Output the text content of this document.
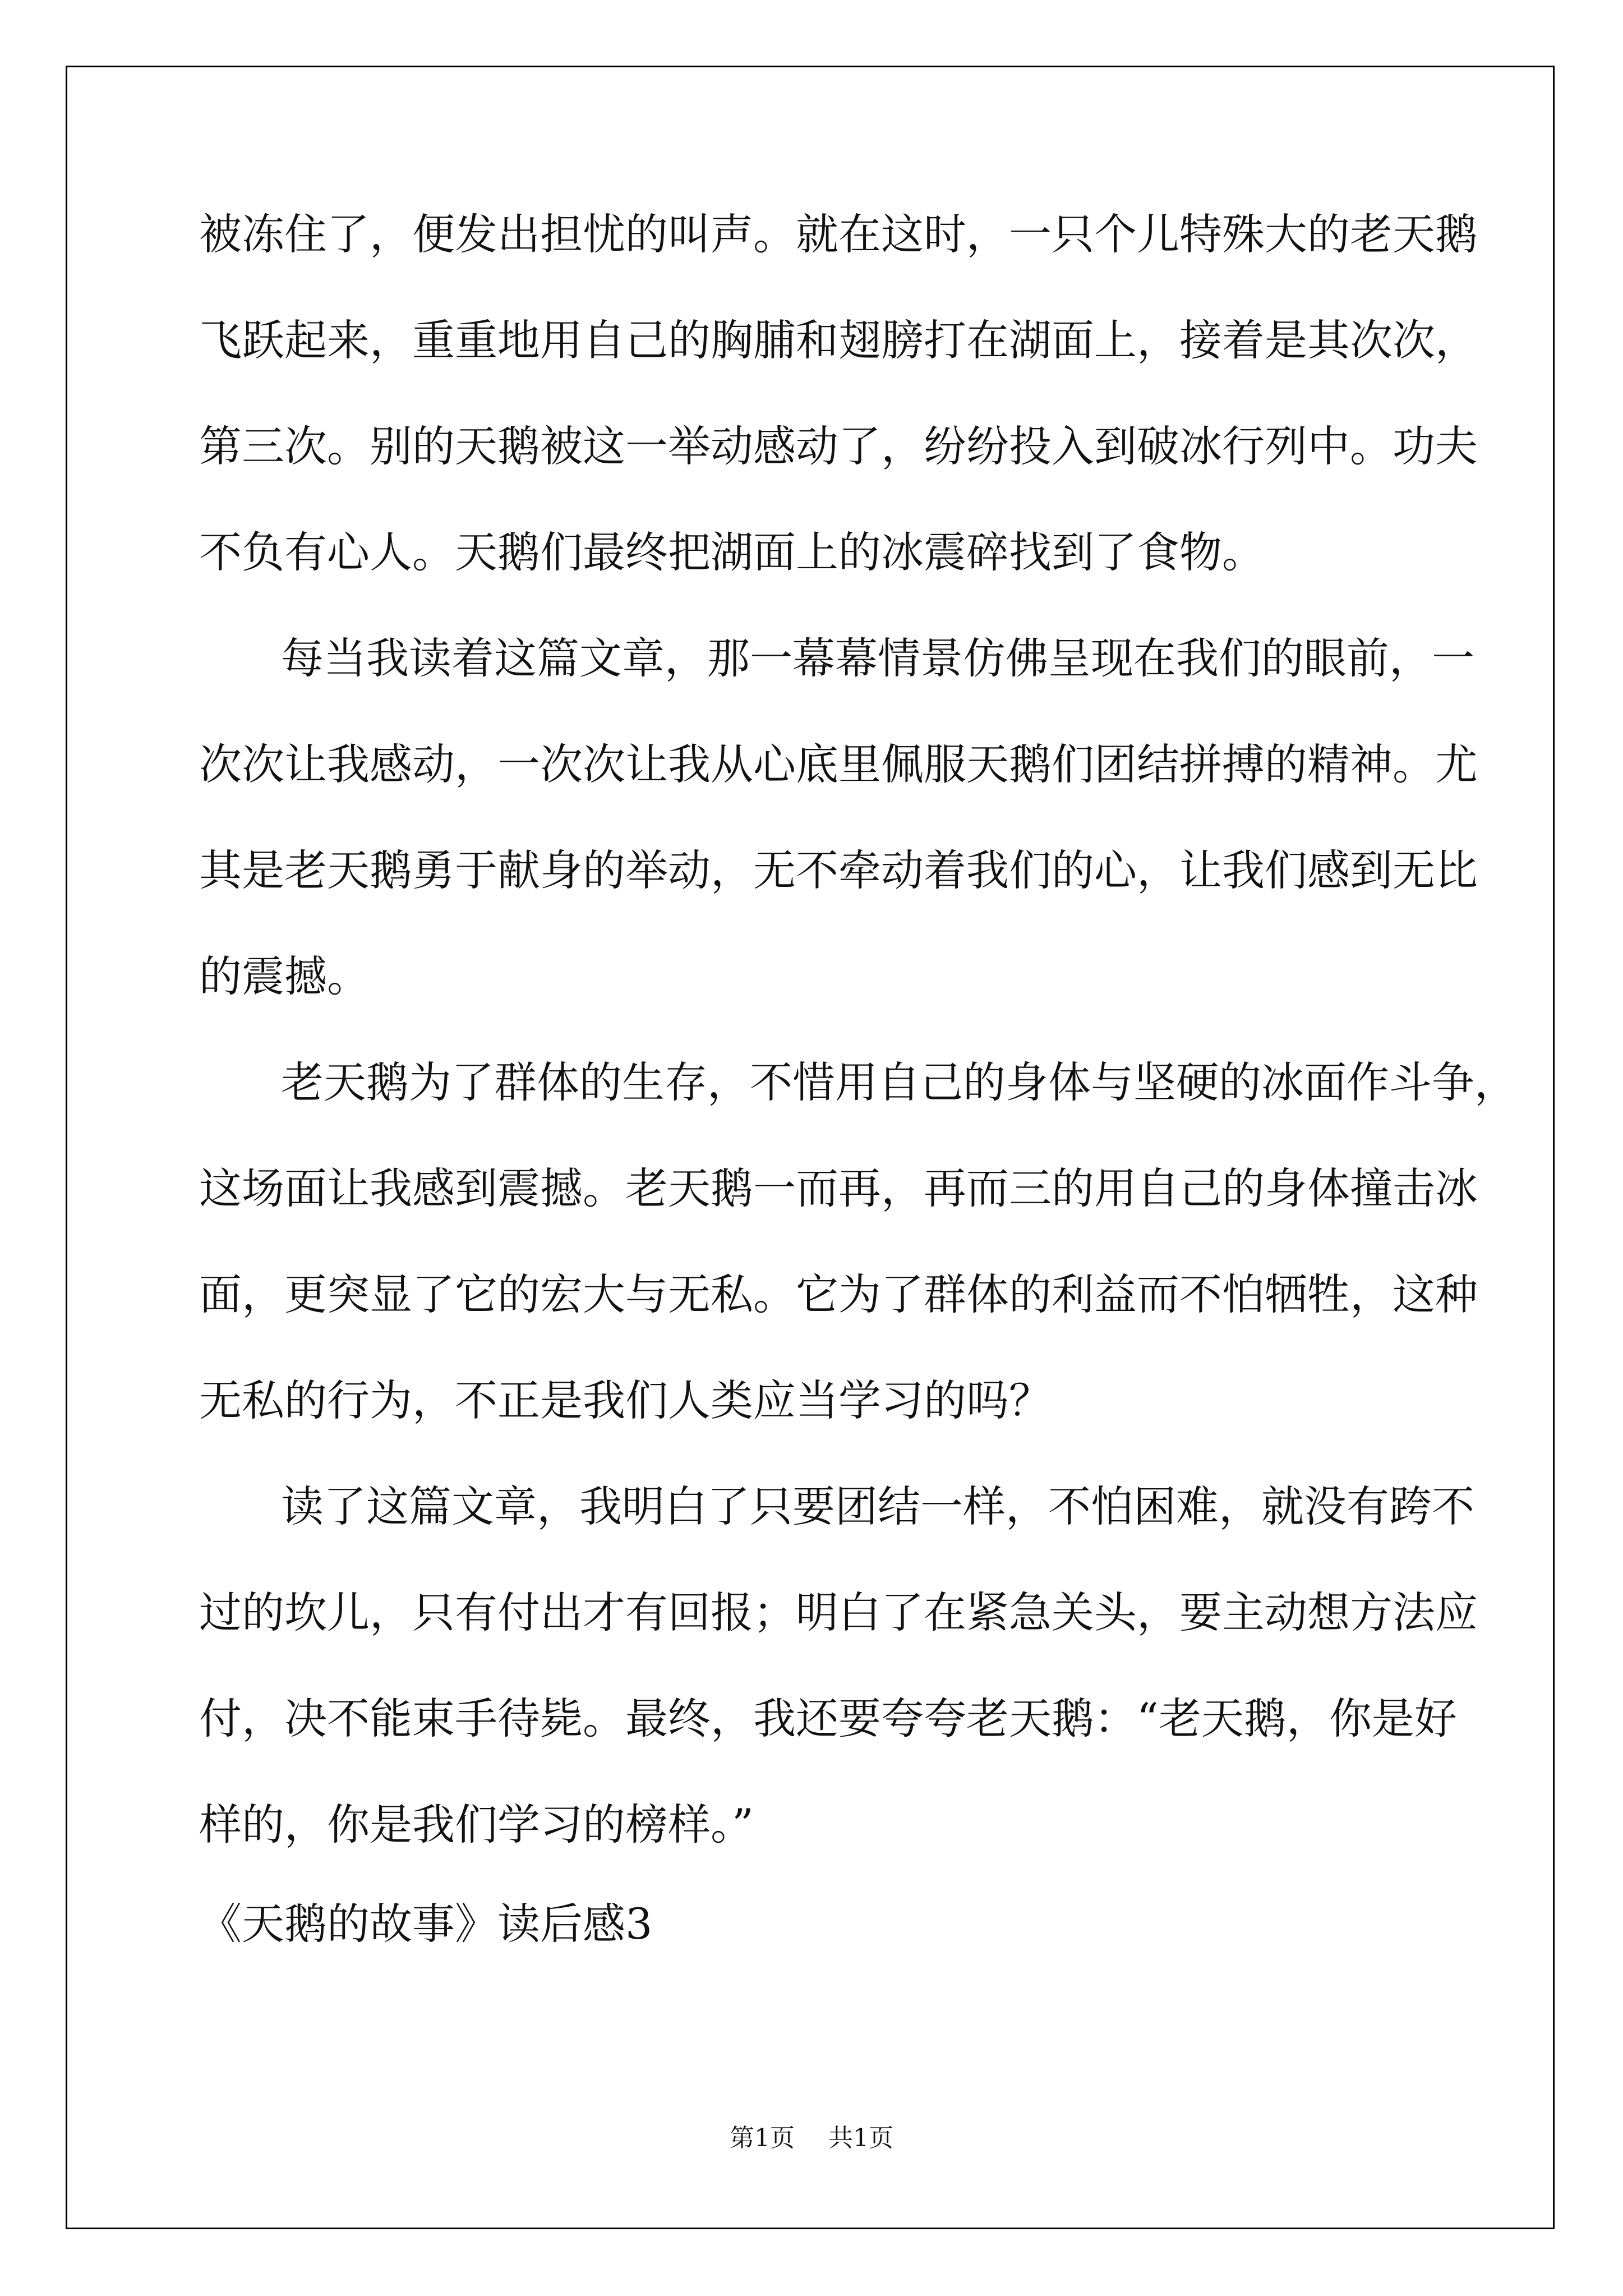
被冻住了，便发出担忧的叫声。就在这时，一只个儿特殊大的老天鹅

飞跃起来，重重地用自己的胸脯和翅膀打在湖面上，接着是其次次，

第三次。别的天鹅被这一举动感动了，纷纷投入到破冰行列中。功夫

不负有心人。天鹅们最终把湖面上的冰震碎找到了食物。

每当我读着这篇文章，那一幕幕情景仿佛呈现在我们的眼前，一

次次让我感动，一次次让我从心底里佩服天鹅们团结拼搏的精神。尤

其是老天鹅勇于献身的举动，无不牵动着我们的心，让我们感到无比

的震撼。

老天鹅为了群体的生存，不惜用自己的身体与坚硬的冰面作斗争，

这场面让我感到震撼。老天鹅一而再，再而三的用自己的身体撞击冰

面，更突显了它的宏大与无私。它为了群体的利益而不怕牺牲，这种

无私的行为，不正是我们人类应当学习的吗？

读了这篇文章，我明白了只要团结一样，不怕困难，就没有跨不

过的坎儿，只有付出才有回报；明白了在紧急关头，要主动想方法应

付，决不能束手待毙。最终，我还要夸夸老天鹅：“老天鹅，你是好

样的，你是我们学习的榜样。”

《天鹅的故事》读后感3

第1页 共1页
